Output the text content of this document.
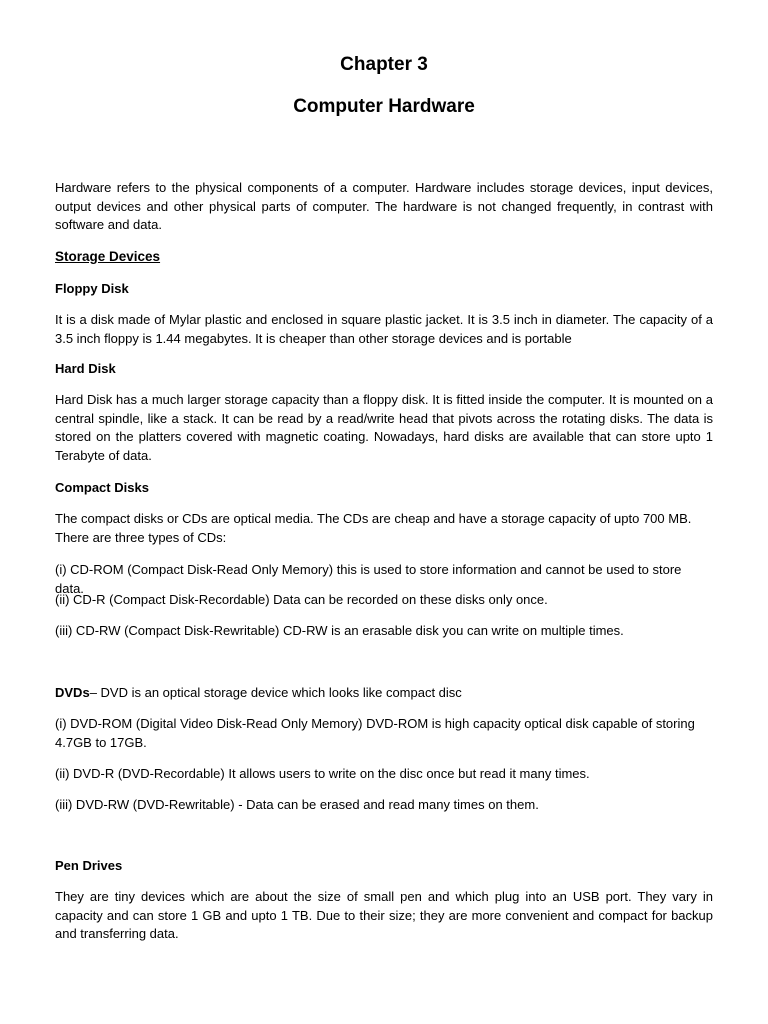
Chapter 3
Computer Hardware

Hardware refers to the physical components of a computer. Hardware includes storage devices, input devices, output devices and other physical parts of computer. The hardware is not changed frequently, in contrast with software and data.

Storage Devices
Floppy Disk

It is a disk made of Mylar plastic and enclosed in square plastic jacket. It is 3.5 inch in diameter. The capacity of a 3.5 inch floppy is 1.44 megabytes. It is cheaper than other storage devices and is portable

Hard Disk

Hard Disk has a much larger storage capacity than a floppy disk. It is fitted inside the computer. It is mounted on a central spindle, like a stack. It can be read by a read/write head that pivots across the rotating disks. The data is stored on the platters covered with magnetic coating. Nowadays, hard disks are available that can store upto 1 Terabyte of data.

Compact Disks

The compact disks or CDs are optical media. The CDs are cheap and have a storage capacity of upto 700 MB.
There are three types of CDs:

(i) CD-ROM (Compact Disk-Read Only Memory) this is used to store information and cannot be used to store data.

(ii) CD-R (Compact Disk-Recordable) Data can be recorded on these disks only once.

(iii) CD-RW (Compact Disk-Rewritable) CD-RW is an erasable disk you can write on multiple times.

DVDs– DVD is an optical storage device which looks like compact disc

(i) DVD-ROM (Digital Video Disk-Read Only Memory) DVD-ROM is high capacity optical disk capable of storing 4.7GB to 17GB.

(ii) DVD-R (DVD-Recordable) It allows users to write on the disc once but read it many times.

(iii) DVD-RW (DVD-Rewritable) - Data can be erased and read many times on them.

Pen Drives

They are tiny devices which are about the size of small pen and which plug into an USB port. They vary in capacity and can store 1 GB and upto 1 TB. Due to their size; they are more convenient and compact for backup and transferring data.
